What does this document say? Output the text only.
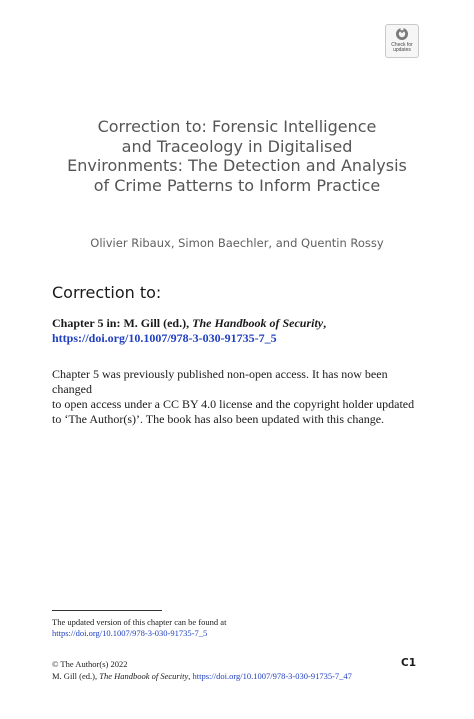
Check for
updates
Correction to: Forensic Intelligence
and Traceology in Digitalised
Environments: The Detection and Analysis
of Crime Patterns to Inform Practice

Olivier Ribaux, Simon Baechler, and Quentin Rossy

Correction to:

Chapter 5 in: M. Gill (ed.), The Handbook of Security,
https://doi.org/10.1007/978-3-030-91735-7_5

Chapter 5 was previously published non-open access. It has now been changed
to open access under a CC BY 4.0 license and the copyright holder updated
to ‘The Author(s)’. The book has also been updated with this change.

The updated version of this chapter can be found at
https://doi.org/10.1007/978-3-030-91735-7_5

© The Author(s) 2022
M. Gill (ed.), The Handbook of Security, https://doi.org/10.1007/978-3-030-91735-7_47

C1
